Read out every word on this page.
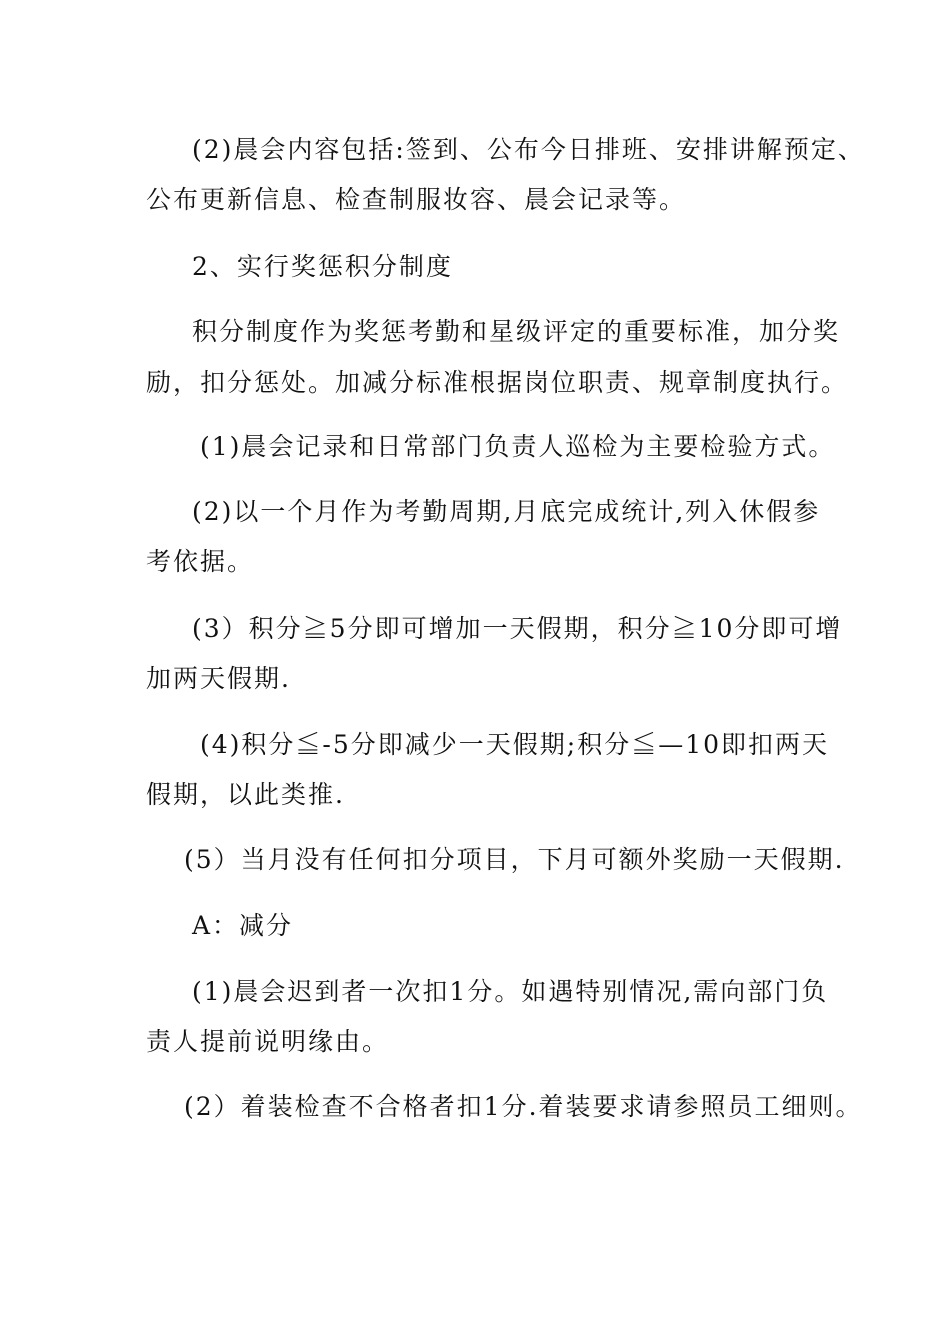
(2)晨会内容包括:签到、公布今日排班、安排讲解预定、
公布更新信息、检查制服妆容、晨会记录等。
2、实行奖惩积分制度
积分制度作为奖惩考勤和星级评定的重要标准，加分奖
励，扣分惩处。加减分标准根据岗位职责、规章制度执行。
(1)晨会记录和日常部门负责人巡检为主要检验方式。
(2)以一个月作为考勤周期,月底完成统计,列入休假参
考依据。
(3）积分≧5分即可增加一天假期，积分≧10分即可增
加两天假期.
(4)积分≦-5分即减少一天假期;积分≦—10即扣两天
假期，以此类推.
(5）当月没有任何扣分项目，下月可额外奖励一天假期.
A：减分
(1)晨会迟到者一次扣1分。如遇特别情况,需向部门负
责人提前说明缘由。
(2）着装检查不合格者扣1分.着装要求请参照员工细则。
